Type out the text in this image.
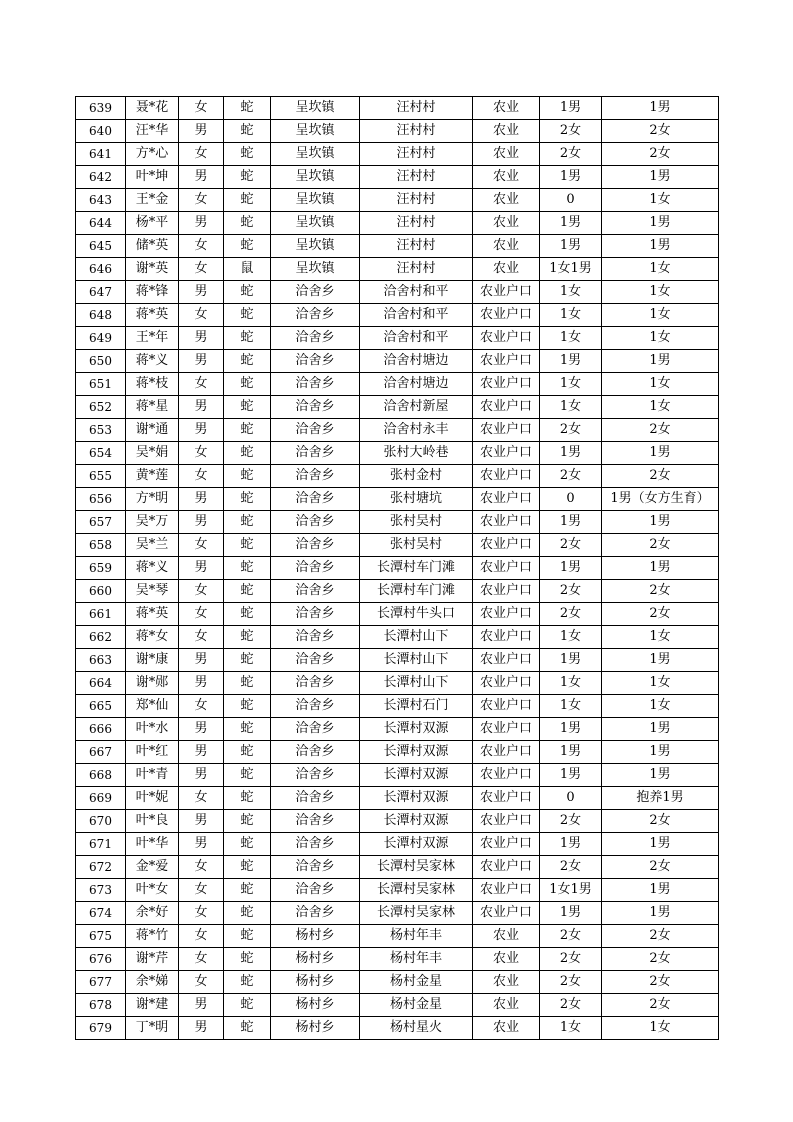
639	聂*花	女	蛇	呈坎镇	汪村村	农业	1男	1男
640	汪*华	男	蛇	呈坎镇	汪村村	农业	2女	2女
641	方*心	女	蛇	呈坎镇	汪村村	农业	2女	2女
642	叶*坤	男	蛇	呈坎镇	汪村村	农业	1男	1男
643	王*金	女	蛇	呈坎镇	汪村村	农业	0	1女
644	杨*平	男	蛇	呈坎镇	汪村村	农业	1男	1男
645	储*英	女	蛇	呈坎镇	汪村村	农业	1男	1男
646	谢*英	女	鼠	呈坎镇	汪村村	农业	1女1男	1女
647	蒋*锋	男	蛇	洽舍乡	洽舍村和平	农业户口	1女	1女
648	蒋*英	女	蛇	洽舍乡	洽舍村和平	农业户口	1女	1女
649	王*年	男	蛇	洽舍乡	洽舍村和平	农业户口	1女	1女
650	蒋*义	男	蛇	洽舍乡	洽舍村塘边	农业户口	1男	1男
651	蒋*枝	女	蛇	洽舍乡	洽舍村塘边	农业户口	1女	1女
652	蒋*星	男	蛇	洽舍乡	洽舍村新屋	农业户口	1女	1女
653	谢*通	男	蛇	洽舍乡	洽舍村永丰	农业户口	2女	2女
654	吴*娟	女	蛇	洽舍乡	张村大岭巷	农业户口	1男	1男
655	黄*莲	女	蛇	洽舍乡	张村金村	农业户口	2女	2女
656	方*明	男	蛇	洽舍乡	张村塘坑	农业户口	0	1男（女方生育）
657	吴*万	男	蛇	洽舍乡	张村吴村	农业户口	1男	1男
658	吴*兰	女	蛇	洽舍乡	张村吴村	农业户口	2女	2女
659	蒋*义	男	蛇	洽舍乡	长潭村车门滩	农业户口	1男	1男
660	吴*琴	女	蛇	洽舍乡	长潭村车门滩	农业户口	2女	2女
661	蒋*英	女	蛇	洽舍乡	长潭村牛头口	农业户口	2女	2女
662	蒋*女	女	蛇	洽舍乡	长潭村山下	农业户口	1女	1女
663	谢*康	男	蛇	洽舍乡	长潭村山下	农业户口	1男	1男
664	谢*郧	男	蛇	洽舍乡	长潭村山下	农业户口	1女	1女
665	郑*仙	女	蛇	洽舍乡	长潭村石门	农业户口	1女	1女
666	叶*水	男	蛇	洽舍乡	长潭村双源	农业户口	1男	1男
667	叶*红	男	蛇	洽舍乡	长潭村双源	农业户口	1男	1男
668	叶*青	男	蛇	洽舍乡	长潭村双源	农业户口	1男	1男
669	叶*妮	女	蛇	洽舍乡	长潭村双源	农业户口	0	抱养1男
670	叶*良	男	蛇	洽舍乡	长潭村双源	农业户口	2女	2女
671	叶*华	男	蛇	洽舍乡	长潭村双源	农业户口	1男	1男
672	金*爱	女	蛇	洽舍乡	长潭村吴家林	农业户口	2女	2女
673	叶*女	女	蛇	洽舍乡	长潭村吴家林	农业户口	1女1男	1男
674	余*好	女	蛇	洽舍乡	长潭村吴家林	农业户口	1男	1男
675	蒋*竹	女	蛇	杨村乡	杨村年丰	农业	2女	2女
676	谢*芹	女	蛇	杨村乡	杨村年丰	农业	2女	2女
677	余*娣	女	蛇	杨村乡	杨村金星	农业	2女	2女
678	谢*建	男	蛇	杨村乡	杨村金星	农业	2女	2女
679	丁*明	男	蛇	杨村乡	杨村星火	农业	1女	1女
